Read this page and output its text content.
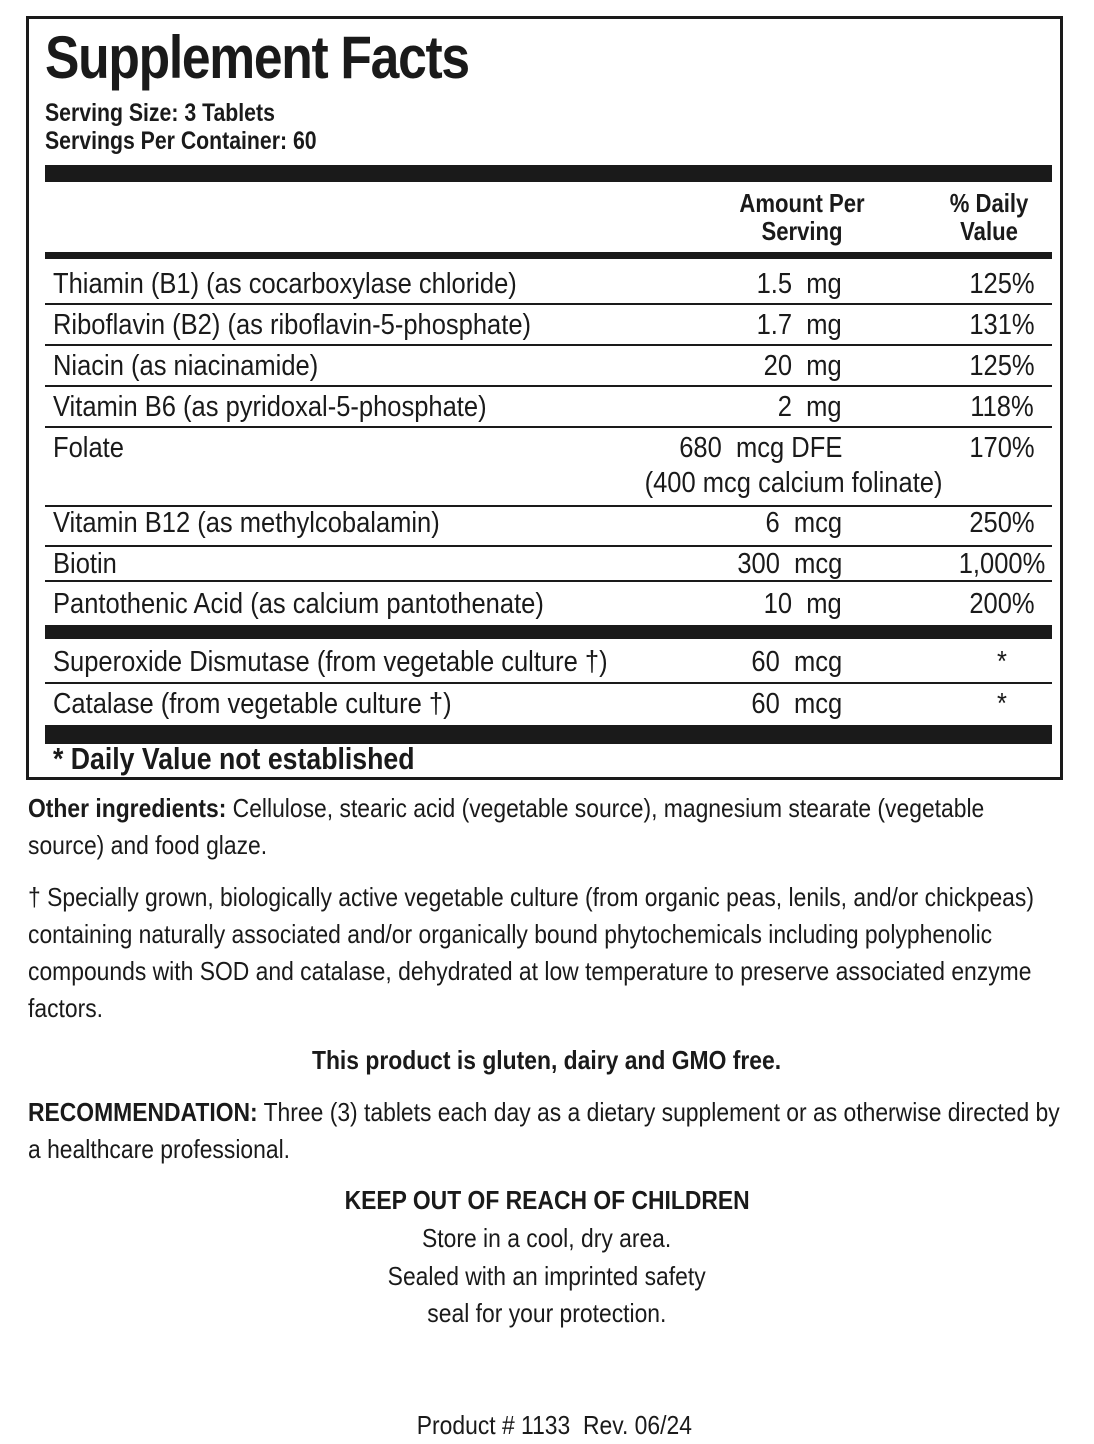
Supplement Facts
Serving Size: 3 Tablets
Servings Per Container: 60
Amount Per
Serving
% Daily
Value
Thiamin (B1) (as cocarboxylase chloride)	1.5  mg	125%
Riboflavin (B2) (as riboflavin-5-phosphate)	1.7  mg	131%
Niacin (as niacinamide)	20  mg	125%
Vitamin B6 (as pyridoxal-5-phosphate)	2  mg	118%
Folate	680  mcg DFE	170%
(400 mcg calcium folinate)
Vitamin B12 (as methylcobalamin)	6  mcg	250%
Biotin	300  mcg	1,000%
Pantothenic Acid (as calcium pantothenate)	10  mg	200%
Superoxide Dismutase (from vegetable culture †)	60  mcg	*
Catalase (from vegetable culture †)	60  mcg	*
* Daily Value not established
Other ingredients: Cellulose, stearic acid (vegetable source), magnesium stearate (vegetable source) and food glaze.
† Specially grown, biologically active vegetable culture (from organic peas, lenils, and/or chickpeas) containing naturally associated and/or organically bound phytochemicals including polyphenolic compounds with SOD and catalase, dehydrated at low temperature to preserve associated enzyme factors.
This product is gluten, dairy and GMO free.
RECOMMENDATION: Three (3) tablets each day as a dietary supplement or as otherwise directed by a healthcare professional.
KEEP OUT OF REACH OF CHILDREN
Store in a cool, dry area.
Sealed with an imprinted safety
seal for your protection.

Product # 1133  Rev. 06/24
